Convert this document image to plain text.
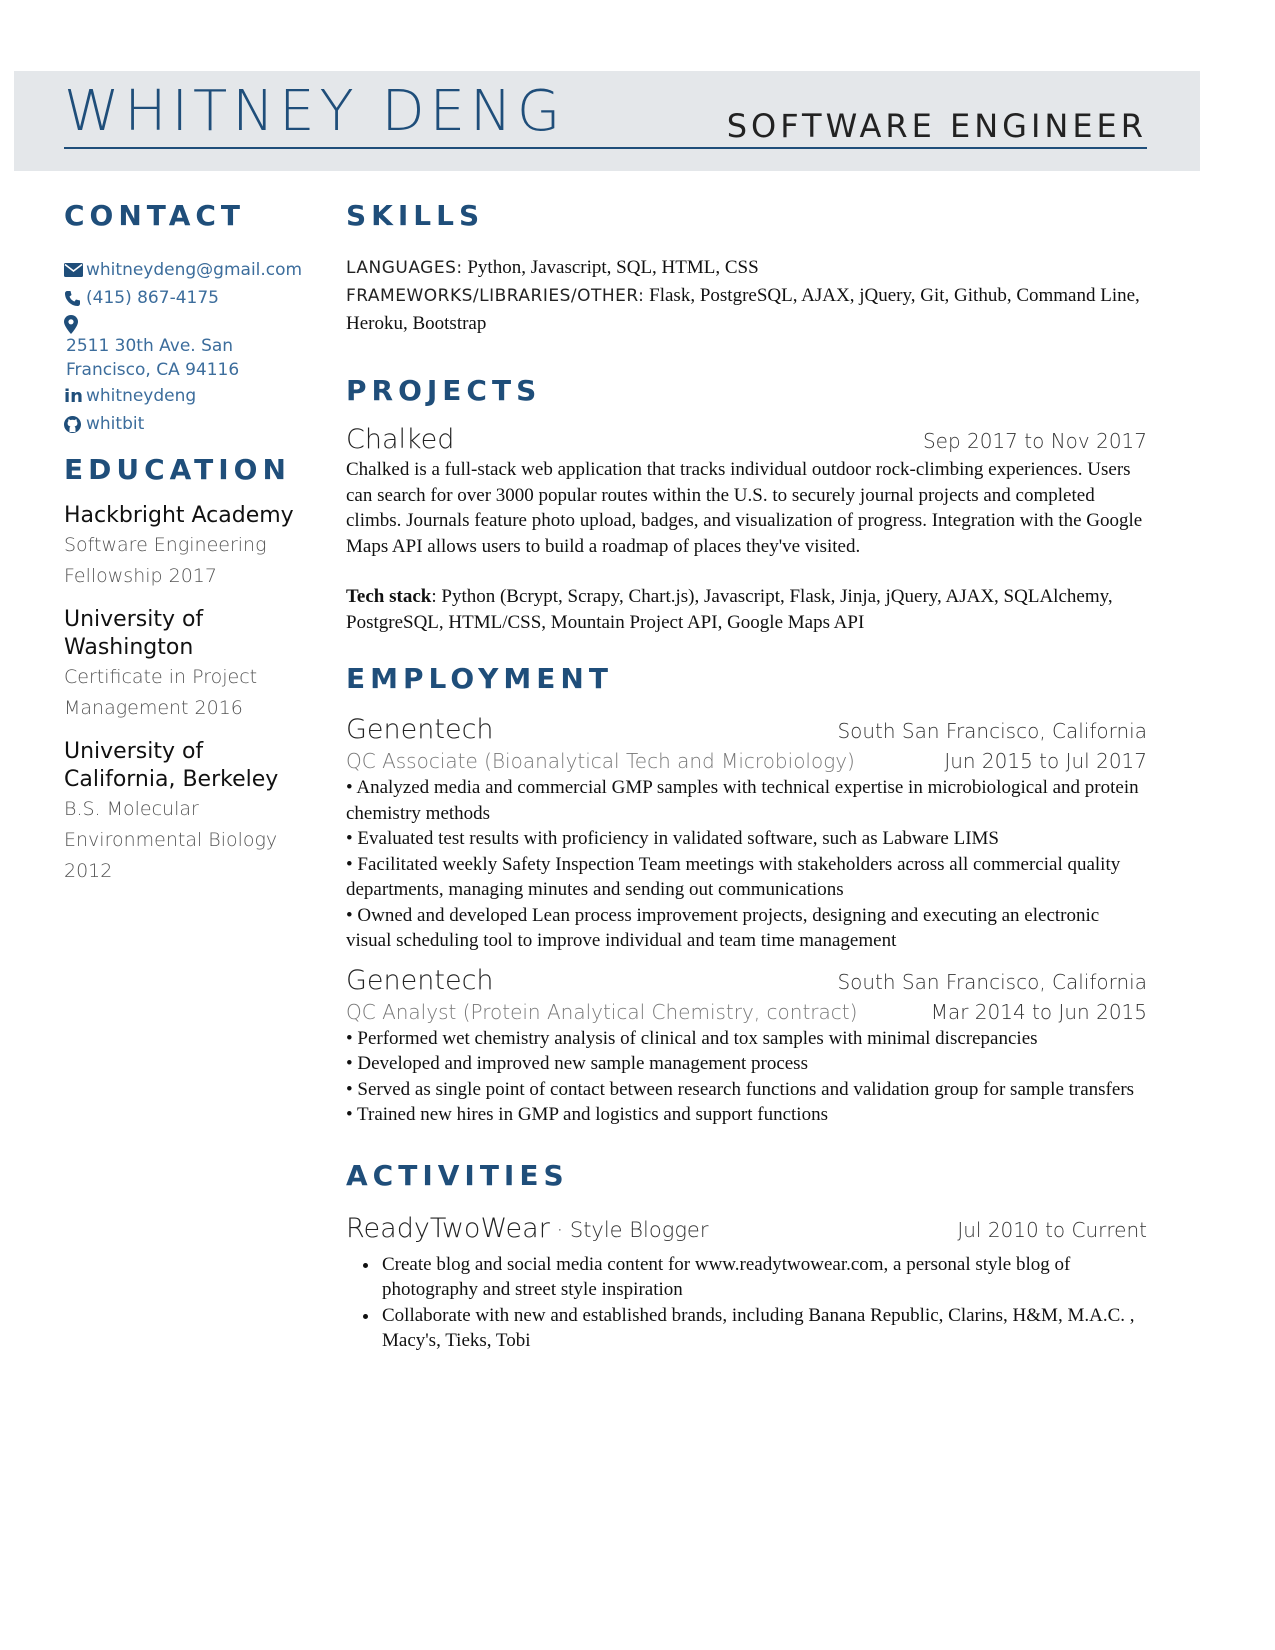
WHITNEY DENG	SOFTWARE ENGINEER
CONTACT
whitneydeng@gmail.com
(415) 867-4175
2511 30th Ave. San
Francisco, CA 94116
in whitneydeng
whitbit
EDUCATION
Hackbright Academy
Software Engineering
Fellowship 2017
University of
Washington
Certificate in Project
Management 2016
University of
California, Berkeley
B.S. Molecular
Environmental Biology
2012
SKILLS
LANGUAGES: Python, Javascript, SQL, HTML, CSS
FRAMEWORKS/LIBRARIES/OTHER: Flask, PostgreSQL, AJAX, jQuery, Git, Github, Command Line, Heroku, Bootstrap
PROJECTS
Chalked	Sep 2017 to Nov 2017

Chalked is a full-stack web application that tracks individual outdoor rock-climbing experiences. Users can search for over 3000 popular routes within the U.S. to securely journal projects and completed climbs. Journals feature photo upload, badges, and visualization of progress. Integration with the Google Maps API allows users to build a roadmap of places they've visited.

Tech stack: Python (Bcrypt, Scrapy, Chart.js), Javascript, Flask, Jinja, jQuery, AJAX, SQLAlchemy, PostgreSQL, HTML/CSS, Mountain Project API, Google Maps API

EMPLOYMENT
Genentech	South San Francisco, California
QC Associate (Bioanalytical Tech and Microbiology)	Jun 2015 to Jul 2017
• Analyzed media and commercial GMP samples with technical expertise in microbiological and protein chemistry methods
• Evaluated test results with proficiency in validated software, such as Labware LIMS
• Facilitated weekly Safety Inspection Team meetings with stakeholders across all commercial quality departments, managing minutes and sending out communications
• Owned and developed Lean process improvement projects, designing and executing an electronic visual scheduling tool to improve individual and team time management
Genentech	South San Francisco, California
QC Analyst (Protein Analytical Chemistry, contract)	Mar 2014 to Jun 2015
• Performed wet chemistry analysis of clinical and tox samples with minimal discrepancies
• Developed and improved new sample management process
• Served as single point of contact between research functions and validation group for sample transfers
• Trained new hires in GMP and logistics and support functions
ACTIVITIES
ReadyTwoWear · Style Blogger	Jul 2010 to Current
• Create blog and social media content for www.readytwowear.com, a personal style blog of photography and street style inspiration
• Collaborate with new and established brands, including Banana Republic, Clarins, H&M, M.A.C. , Macy's, Tieks, Tobi
